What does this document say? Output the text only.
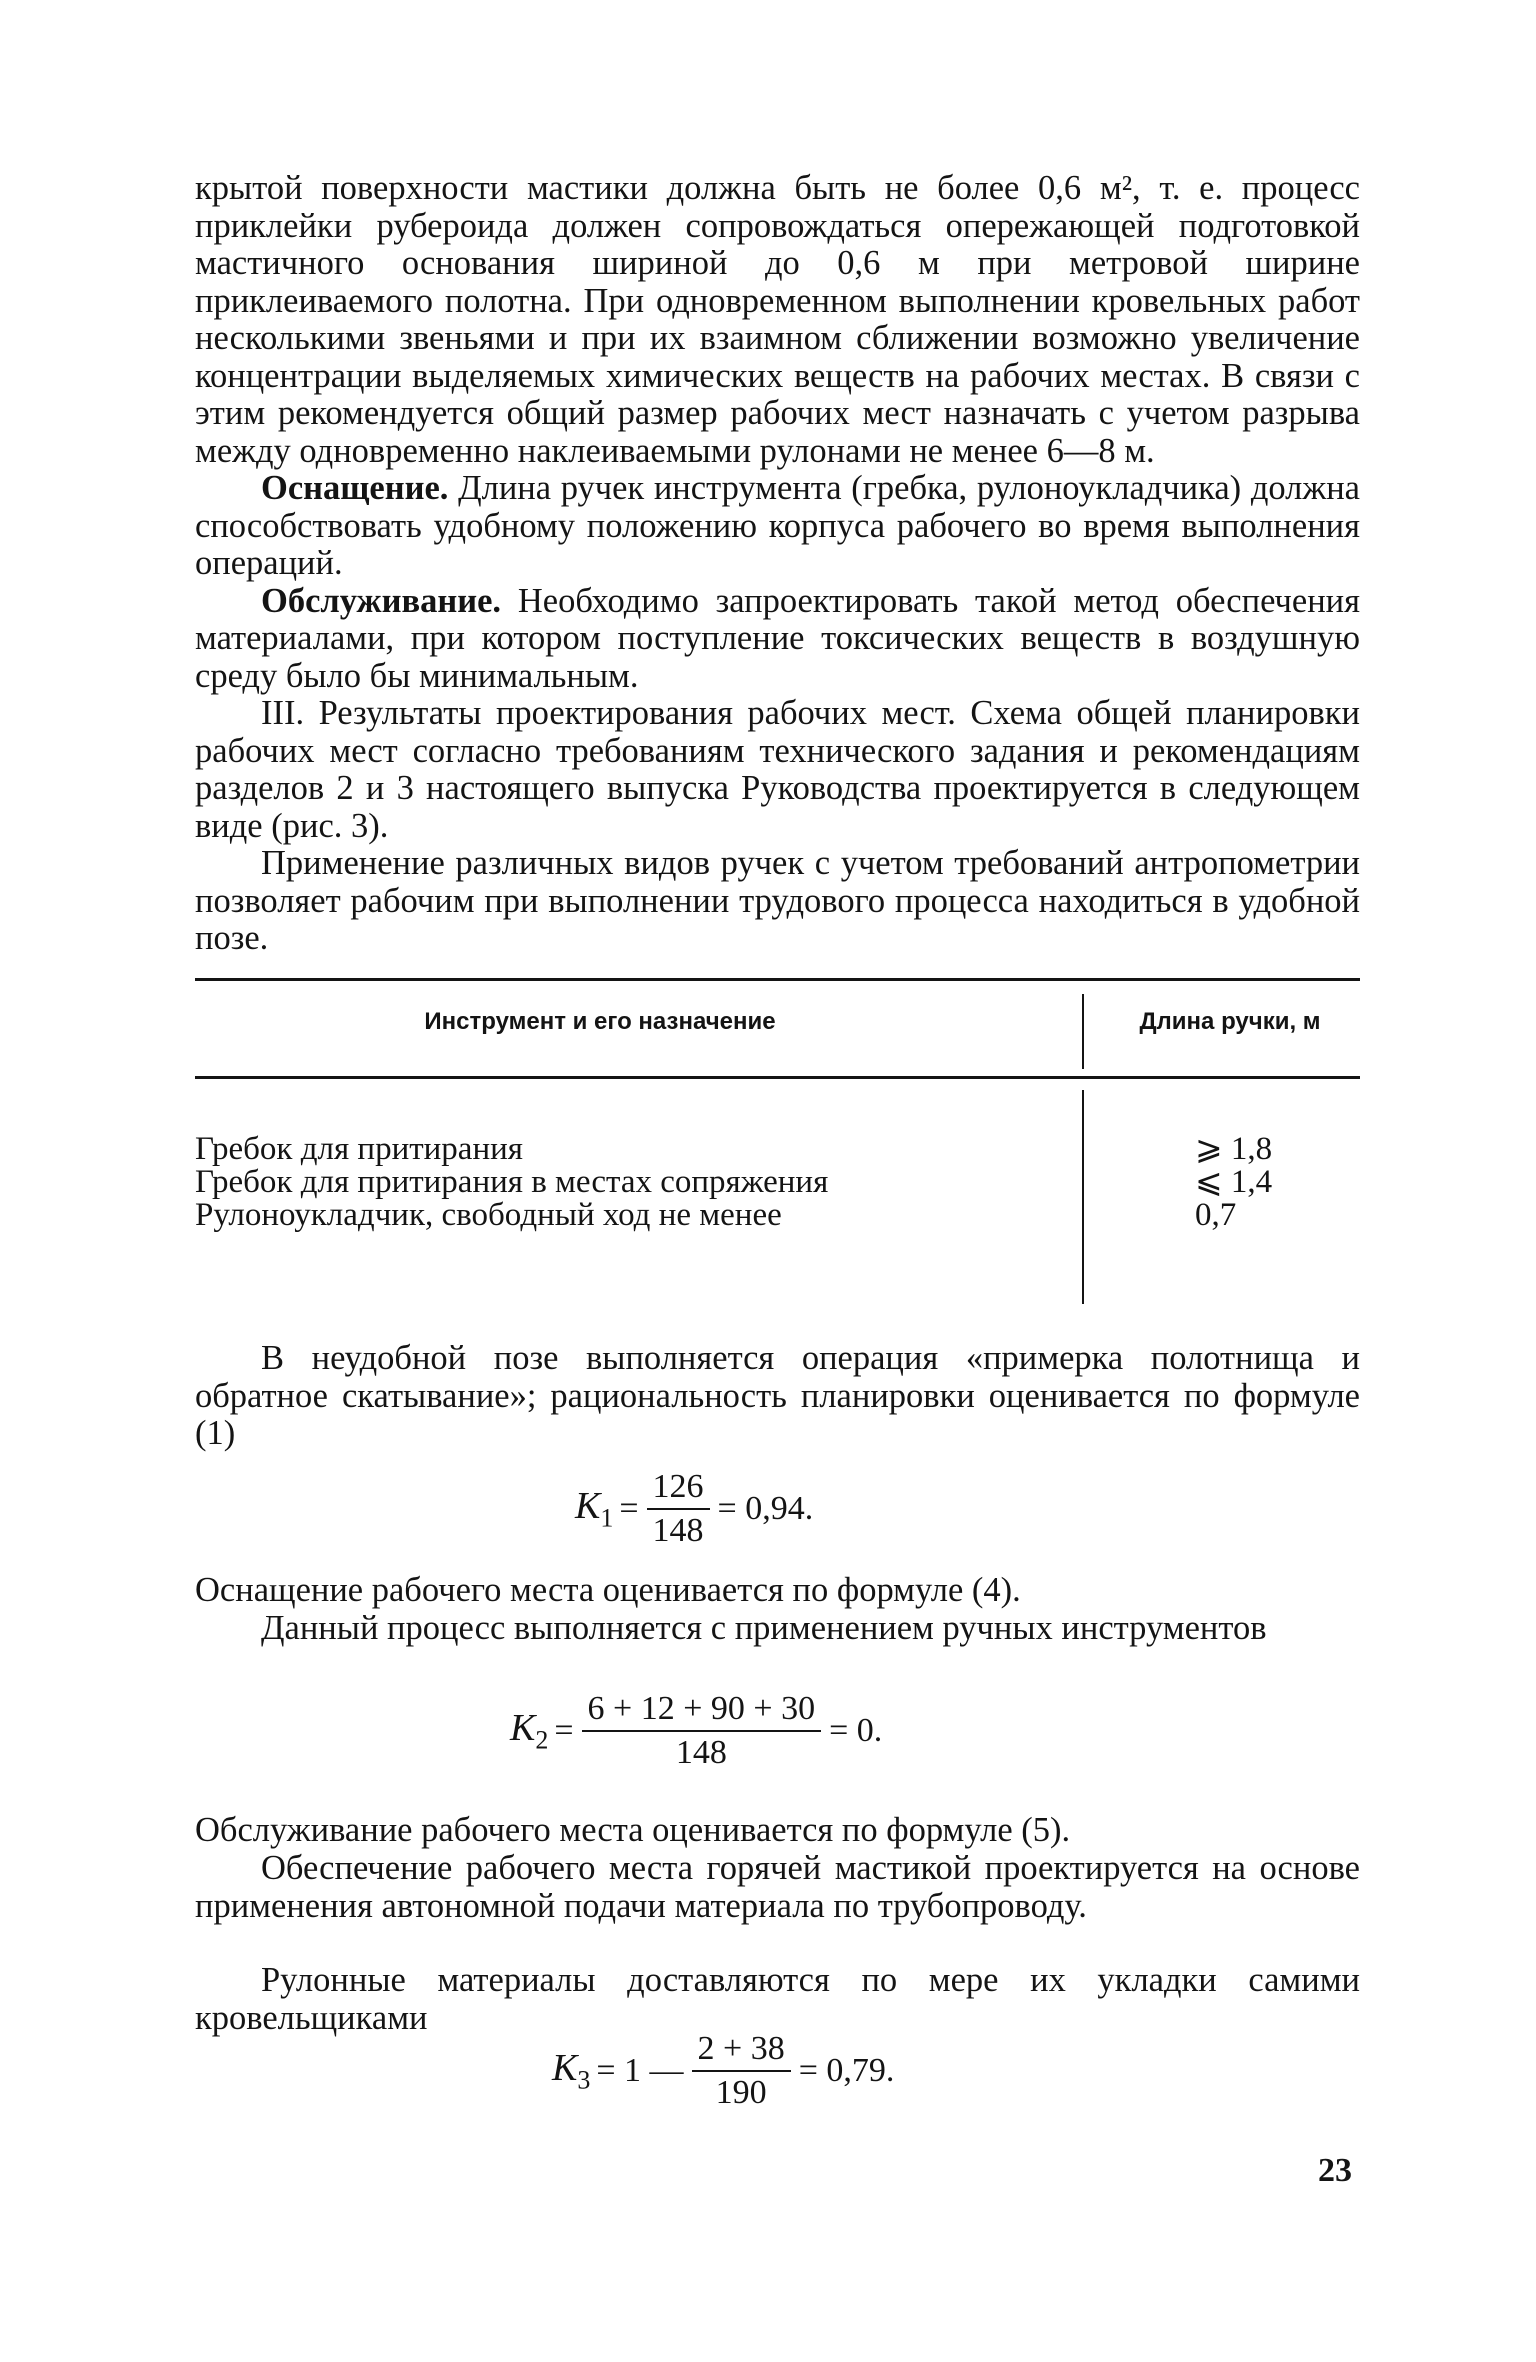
крытой поверхности мастики должна быть не более 0,6 м², т. е. процесс приклейки рубероида должен сопровождаться опережающей подготовкой мастичного основания шириной до 0,6 м при метровой ширине приклеиваемого полотна. При одновременном выполнении кровельных работ несколькими звеньями и при их взаимном сближении возможно увеличение концентрации выделяемых химических веществ на рабочих местах. В связи с этим рекомендуется общий размер рабочих мест назначать с учетом разрыва между одновременно наклеиваемыми рулонами не менее 6—8 м.

Оснащение. Длина ручек инструмента (гребка, рулоноукладчика) должна способствовать удобному положению корпуса рабочего во время выполнения операций.

Обслуживание. Необходимо запроектировать такой метод обеспечения материалами, при котором поступление токсических веществ в воздушную среду было бы минимальным.

III. Результаты проектирования рабочих мест. Схема общей планировки рабочих мест согласно требованиям технического задания и рекомендациям разделов 2 и 3 настоящего выпуска Руководства проектируется в следующем виде (рис. 3).

Применение различных видов ручек с учетом требований антропометрии позволяет рабочим при выполнении трудового процесса находиться в удобной позе.

Инструмент и его назначение	Длина ручки, м
Гребок для притирания
Гребок для притирания в местах сопряжения
Рулоноукладчик, свободный ход не менее
⩾ 1,8
⩽ 1,4
0,7

В неудобной позе выполняется операция «примерка полотнища и обратное скатывание»; рациональность планировки оценивается по формуле (1)

$K_1 = \frac{126}{148} = 0,94$.

Оснащение рабочего места оценивается по формуле (4).

Данный процесс выполняется с применением ручных инструментов

$K_2 = \frac{6 + 12 + 90 + 30}{148} = 0$.

Обслуживание рабочего места оценивается по формуле (5).

Обеспечение рабочего места горячей мастикой проектируется на основе применения автономной подачи материала по трубопроводу.

Рулонные материалы доставляются по мере их укладки самими кровельщиками

$K_3 = 1$ — $\frac{2 + 38}{190} = 0,79$.
23
